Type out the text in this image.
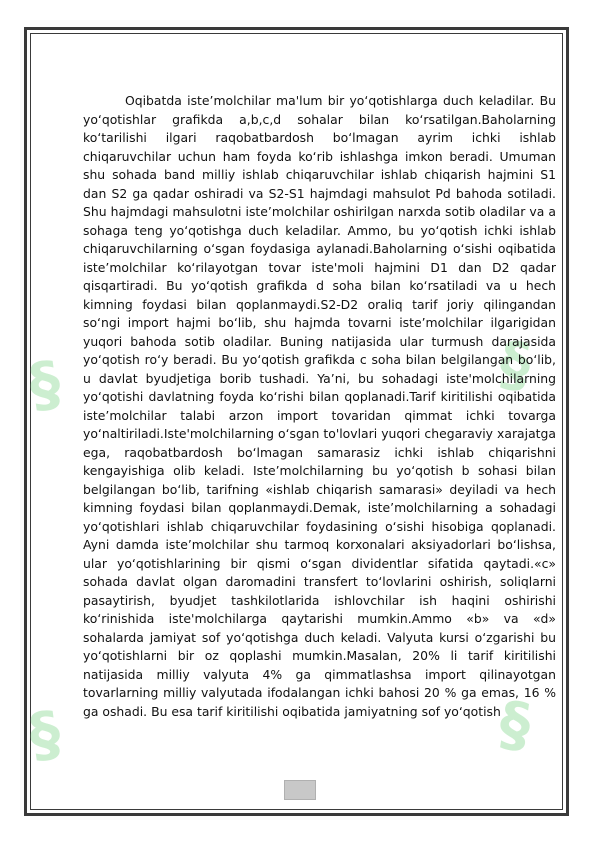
§	§
§	§

Oqibatda iste’molchilar ma'lum bir yo‘qotishlarga duch keladilar. Bu yo‘qotishlar grafikda a,b,c,d sohalar bilan ko‘rsatilgan.Baholarning ko‘tarilishi ilgari raqobatbardosh bo‘lmagan ayrim ichki ishlab chiqaruvchilar uchun ham foyda ko‘rib ishlashga imkon beradi. Umuman shu sohada band milliy ishlab chiqaruvchilar ishlab chiqarish hajmini S1 dan S2 ga qadar oshiradi va S2-S1 hajmdagi mahsulot Pd bahoda sotiladi. Shu hajmdagi mahsulotni iste’molchilar oshirilgan narxda sotib oladilar va a sohaga teng yo‘qotishga duch keladilar. Ammo, bu yo‘qotish ichki ishlab chiqaruvchilarning o‘sgan foydasiga aylanadi.Baholarning o‘sishi oqibatida iste’molchilar ko‘rilayotgan tovar iste'moli hajmini D1 dan D2 qadar qisqartiradi. Bu yo‘qotish grafikda d soha bilan ko‘rsatiladi va u hech kimning foydasi bilan qoplanmaydi.S2-D2 oraliq tarif joriy qilingandan so‘ngi import hajmi bo‘lib, shu hajmda tovarni iste’molchilar ilgarigidan yuqori bahoda sotib oladilar. Buning natijasida ular turmush darajasida yo‘qotish ro‘y beradi. Bu yo‘qotish grafikda c soha bilan belgilangan bo‘lib, u davlat byudjetiga borib tushadi. Ya’ni, bu sohadagi iste'molchilarning yo‘qotishi davlatning foyda ko‘rishi bilan qoplanadi.Tarif kiritilishi oqibatida iste’molchilar talabi arzon import tovaridan qimmat ichki tovarga yo‘naltiriladi.Iste'molchilarning o‘sgan to'lovlari yuqori chegaraviy xarajatga ega, raqobatbardosh bo‘lmagan samarasiz ichki ishlab chiqarishni kengayishiga olib keladi. Iste’molchilarning bu yo‘qotish b sohasi bilan belgilangan bo‘lib, tarifning «ishlab chiqarish samarasi» deyiladi va hech kimning foydasi bilan qoplanmaydi.Demak, iste’molchilarning a sohadagi yo‘qotishlari ishlab chiqaruvchilar foydasining o‘sishi hisobiga qoplanadi. Ayni damda iste’molchilar shu tarmoq korxonalari aksiyadorlari bo‘lishsa, ular yo‘qotishlarining bir qismi o‘sgan dividentlar sifatida qaytadi.«c» sohada davlat olgan daromadini transfert to‘lovlarini oshirish, soliqlarni pasaytirish, byudjet tashkilotlarida ishlovchilar ish haqini oshirishi ko‘rinishida iste'molchilarga qaytarishi mumkin.Ammo «b» va «d» sohalarda jamiyat sof yo‘qotishga duch keladi. Valyuta kursi o‘zgarishi bu yo‘qotishlarni bir oz qoplashi mumkin.Masalan, 20% li tarif kiritilishi natijasida milliy valyuta 4% ga qimmatlashsa import qilinayotgan tovarlarning milliy valyutada ifodalangan ichki bahosi 20 % ga emas, 16 % ga oshadi. Bu esa tarif kiritilishi oqibatida jamiyatning sof yo‘qotish
